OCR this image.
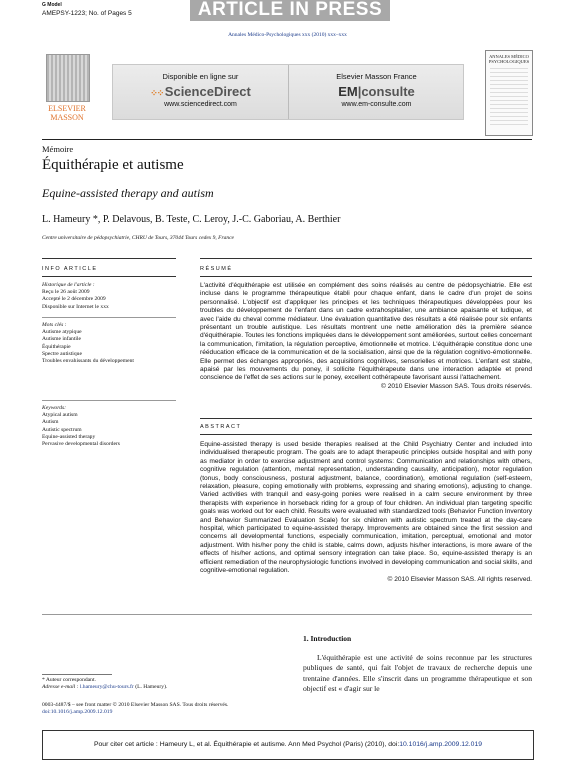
G Model
AMEPSY-1223; No. of Pages 5	ARTICLE IN PRESS
Annales Médico-Psychologiques xxx (2010) xxx–xxx
ELSEVIER MASSON
Disponible en ligne sur
⁘⁘ ScienceDirect
www.sciencedirect.com
Elsevier Masson France
EM|consulte
www.em-consulte.com
ANNALES MÉDICO PSYCHOLOGIQUES
Mémoire
Équithérapie et autisme
Equine-assisted therapy and autism
L. Hameury *, P. Delavous, B. Teste, C. Leroy, J.-C. Gaboriau, A. Berthier
Centre universitaire de pédopsychiatrie, CHRU de Tours, 37044 Tours cedex 9, France
INFO ARTICLE	RÉSUMÉ
Historique de l'article :
Reçu le 26 août 2009
Accepté le 2 décembre 2009
Disponible sur Internet le xxx
Mots clés :
Autisme atypique
Autisme infantile
Équithérapie
Spectre autistique
Troubles envahissants du développement
Keywords:
Atypical autism
Autism
Autistic spectrum
Equine-assisted therapy
Pervasive developmental disorders
L'activité d'équithérapie est utilisée en complément des soins réalisés au centre de pédopsychiatrie. Elle est incluse dans le programme thérapeutique établi pour chaque enfant, dans le cadre d'un projet de soins personnalisé. L'objectif est d'appliquer les principes et les techniques thérapeutiques développées pour les troubles du développement de l'enfant dans un cadre extrahospitalier, une ambiance apaisante et ludique, et avec l'aide du cheval comme médiateur. Une évaluation quantitative des résultats a été réalisée pour six enfants présentant un trouble autistique. Les résultats montrent une nette amélioration dès la première séance d'équithérapie. Toutes les fonctions impliquées dans le développement sont améliorées, surtout celles concernant la communication, l'imitation, la régulation perceptive, émotionnelle et motrice. L'équithérapie constitue donc une rééducation efficace de la communication et de la socialisation, ainsi que de la régulation cognitivo-émotionnelle. Elle permet des échanges appropriés, des acquisitions cognitives, sensorielles et motrices. L'enfant est stable, apaisé par les mouvements du poney, il sollicite l'équithérapeute dans une interaction adaptée et prend conscience de l'effet de ses actions sur le poney, excellent cothérapeute favorisant aussi l'attachement.
© 2010 Elsevier Masson SAS. Tous droits réservés.
ABSTRACT
Equine-assisted therapy is used beside therapies realised at the Child Psychiatry Center and included into individualised therapeutic program. The goals are to adapt therapeutic principles outside hospital and with pony as mediator in order to exercise adjustment and control systems: Communication and relationships with others, cognitive regulation (attention, mental representation, understanding causality, anticipation), motor regulation (tonus, body consciousness, postural adjustment, balance, coordination), emotional regulation (self-esteem, relaxation, pleasure, coping emotionally with problems, expressing and sharing emotions), adjusting to change. Varied activities with tranquil and easy-going ponies were realised in a calm secure environment by three therapists with experience in horseback riding for a group of four children. An individual plan targeting specific goals was worked out for each child. Results were evaluated with standardized tools (Behavior Function Inventory and Behavior Summarized Evaluation Scale) for six children with autistic spectrum treated at the day-care hospital, which participated to equine-assisted therapy. Improvements are obtained since the first session and concerns all developmental functions, especially communication, imitation, perceptual, emotional and motor adjustment. With his/her pony the child is stable, calms down, adjusts his/her interactions, is more aware of the effects of his/her actions, and optimal sensory integration can take place. So, equine-assisted therapy is an efficient remediation of the neurophysiologic functions involved in developing communication and social skills, and cognitive-emotional regulation.
© 2010 Elsevier Masson SAS. All rights reserved.
1. Introduction
L'équithérapie est une activité de soins reconnue par les structures publiques de santé, qui fait l'objet de travaux de recherche depuis une trentaine d'années. Elle s'inscrit dans un programme thérapeutique et son objectif est « d'agir sur le
* Auteur correspondant.
Adresse e-mail : l.hameury@chu-tours.fr (L. Hameury).
0003-4487/$ – see front matter © 2010 Elsevier Masson SAS. Tous droits réservés.
doi:10.1016/j.amp.2009.12.019
Pour citer cet article : Hameury L, et al. Équithérapie et autisme. Ann Med Psychol (Paris) (2010), doi:10.1016/j.amp.2009.12.019
